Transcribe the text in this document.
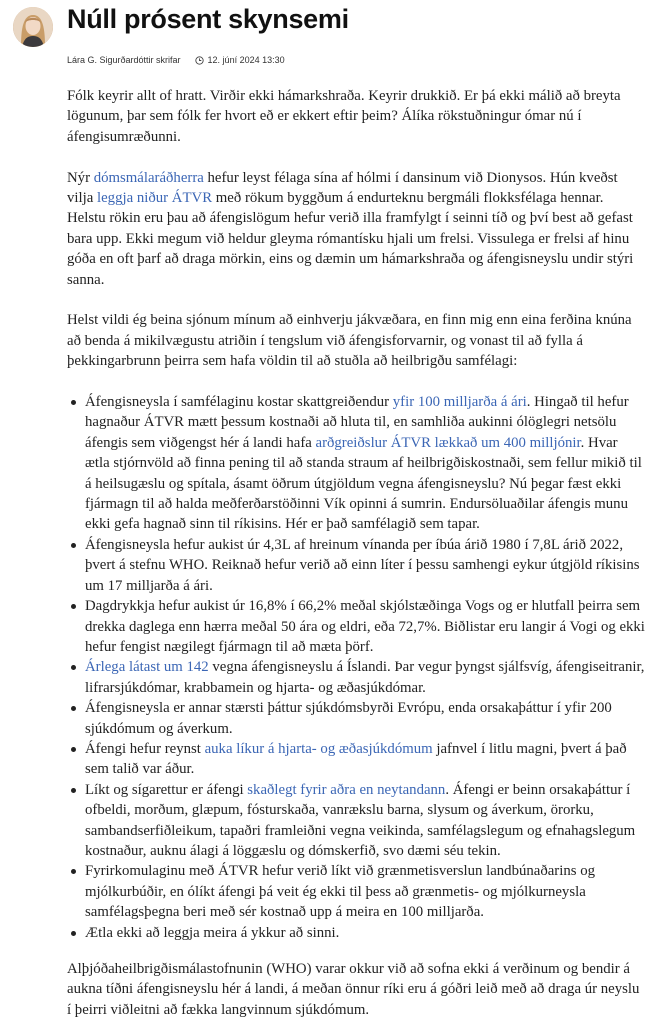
Núll prósent skynsemi
Lára G. Sigurðardóttir skrifar	12. júní 2024 13:30

Fólk keyrir allt of hratt. Virðir ekki hámarkshraða. Keyrir drukkið. Er þá ekki málið að breyta lögunum, þar sem fólk fer hvort eð er ekkert eftir þeim? Álíka rökstuðningur ómar nú í áfengisumræðunni.

Nýr dómsmálaráðherra hefur leyst félaga sína af hólmi í dansinum við Dionysos. Hún kveðst vilja leggja niður ÁTVR með rökum byggðum á endurteknu bergmáli flokksfélaga hennar. Helstu rökin eru þau að áfengislögum hefur verið illa framfylgt í seinni tíð og því best að gefast bara upp. Ekki megum við heldur gleyma rómantísku hjali um frelsi. Vissulega er frelsi af hinu góða en oft þarf að draga mörkin, eins og dæmin um hámarkshraða og áfengisneyslu undir stýri sanna.

Helst vildi ég beina sjónum mínum að einhverju jákvæðara, en finn mig enn eina ferðina knúna að benda á mikilvægustu atriðin í tengslum við áfengisforvarnir, og vonast til að fylla á þekkingarbrunn þeirra sem hafa völdin til að stuðla að heilbrigðu samfélagi:

Áfengisneysla í samfélaginu kostar skattgreiðendur yfir 100 milljarða á ári. Hingað til hefur hagnaður ÁTVR mætt þessum kostnaði að hluta til, en samhliða aukinni ólöglegri netsölu áfengis sem viðgengst hér á landi hafa arðgreiðslur ÁTVR lækkað um 400 milljónir. Hvar ætla stjórnvöld að finna pening til að standa straum af heilbrigðiskostnaði, sem fellur mikið til á heilsugæslu og spítala, ásamt öðrum útgjöldum vegna áfengisneyslu? Nú þegar fæst ekki fjármagn til að halda meðferðarstöðinni Vík opinni á sumrin. Endursöluaðilar áfengis munu ekki gefa hagnað sinn til ríkisins. Hér er það samfélagið sem tapar.
Áfengisneysla hefur aukist úr 4,3L af hreinum vínanda per íbúa árið 1980 í 7,8L árið 2022, þvert á stefnu WHO. Reiknað hefur verið að einn líter í þessu samhengi eykur útgjöld ríkisins um 17 milljarða á ári.
Dagdrykkja hefur aukist úr 16,8% í 66,2% meðal skjólstæðinga Vogs og er hlutfall þeirra sem drekka daglega enn hærra meðal 50 ára og eldri, eða 72,7%. Biðlistar eru langir á Vogi og ekki hefur fengist nægilegt fjármagn til að mæta þörf.
Árlega látast um 142 vegna áfengisneyslu á Íslandi. Þar vegur þyngst sjálfsvíg, áfengiseitranir, lifrarsjúkdómar, krabbamein og hjarta- og æðasjúkdómar.
Áfengisneysla er annar stærsti þáttur sjúkdómsbyrði Evrópu, enda orsakaþáttur í yfir 200 sjúkdómum og áverkum.
Áfengi hefur reynst auka líkur á hjarta- og æðasjúkdómum jafnvel í litlu magni, þvert á það sem talið var áður.
Líkt og sígarettur er áfengi skaðlegt fyrir aðra en neytandann. Áfengi er beinn orsakaþáttur í ofbeldi, morðum, glæpum, fósturskaða, vanrækslu barna, slysum og áverkum, örorku, sambandserfiðleikum, tapaðri framleiðni vegna veikinda, samfélagslegum og efnahagslegum kostnaður, auknu álagi á löggæslu og dómskerfið, svo dæmi séu tekin.
Fyrirkomulaginu með ÁTVR hefur verið líkt við grænmetisverslun landbúnaðarins og mjólkurbúðir, en ólíkt áfengi þá veit ég ekki til þess að grænmetis- og mjólkurneysla samfélagsþegna beri með sér kostnað upp á meira en 100 milljarða.
Ætla ekki að leggja meira á ykkur að sinni.

Alþjóðaheilbrigðismálastofnunin (WHO) varar okkur við að sofna ekki á verðinum og bendir á aukna tíðni áfengisneyslu hér á landi, á meðan önnur ríki eru á góðri leið með að draga úr neyslu í þeirri viðleitni að fækka langvinnum sjúkdómum.
